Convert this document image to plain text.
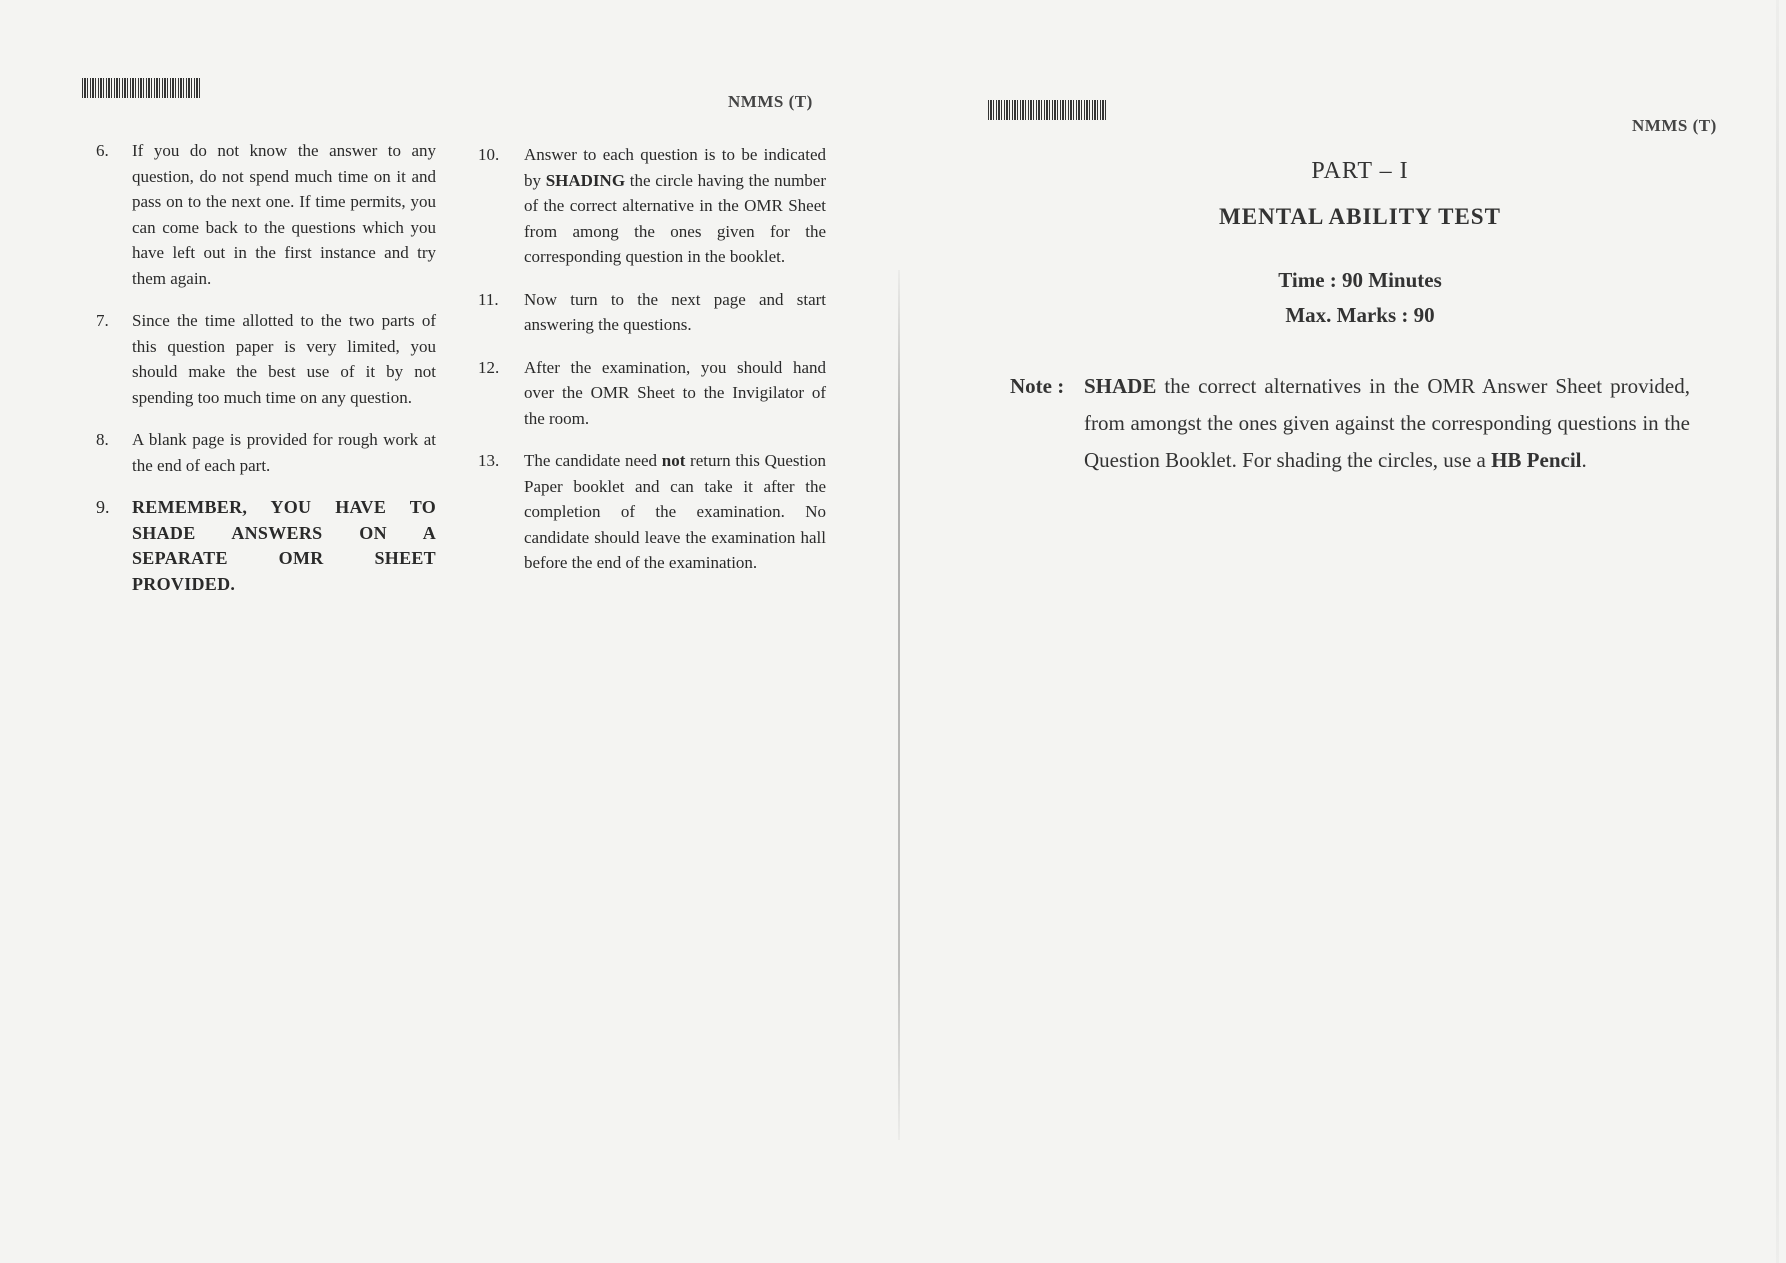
NMMS (T)
6.	If you do not know the answer to any question, do not spend much time on it and pass on to the next one. If time permits, you can come back to the questions which you have left out in the first instance and try them again.
7.	Since the time allotted to the two parts of this question paper is very limited, you should make the best use of it by not spending too much time on any question.
8.	A blank page is provided for rough work at the end of each part.
9.	REMEMBER, YOU HAVE TO SHADE ANSWERS ON A SEPARATE OMR SHEET PROVIDED.
10.	Answer to each question is to be indicated by SHADING the circle having the number of the correct alternative in the OMR Sheet from among the ones given for the corresponding question in the booklet.
11.	Now turn to the next page and start answering the questions.
12.	After the examination, you should hand over the OMR Sheet to the Invigilator of the room.
13.	The candidate need not return this Question Paper booklet and can take it after the completion of the examination. No candidate should leave the examination hall before the end of the examination.
NMMS (T)
PART – I
MENTAL ABILITY TEST
Time : 90 Minutes
Max. Marks : 90
Note : SHADE the correct alternatives in the OMR Answer Sheet provided, from amongst the ones given against the corresponding questions in the Question Booklet. For shading the circles, use a HB Pencil.
